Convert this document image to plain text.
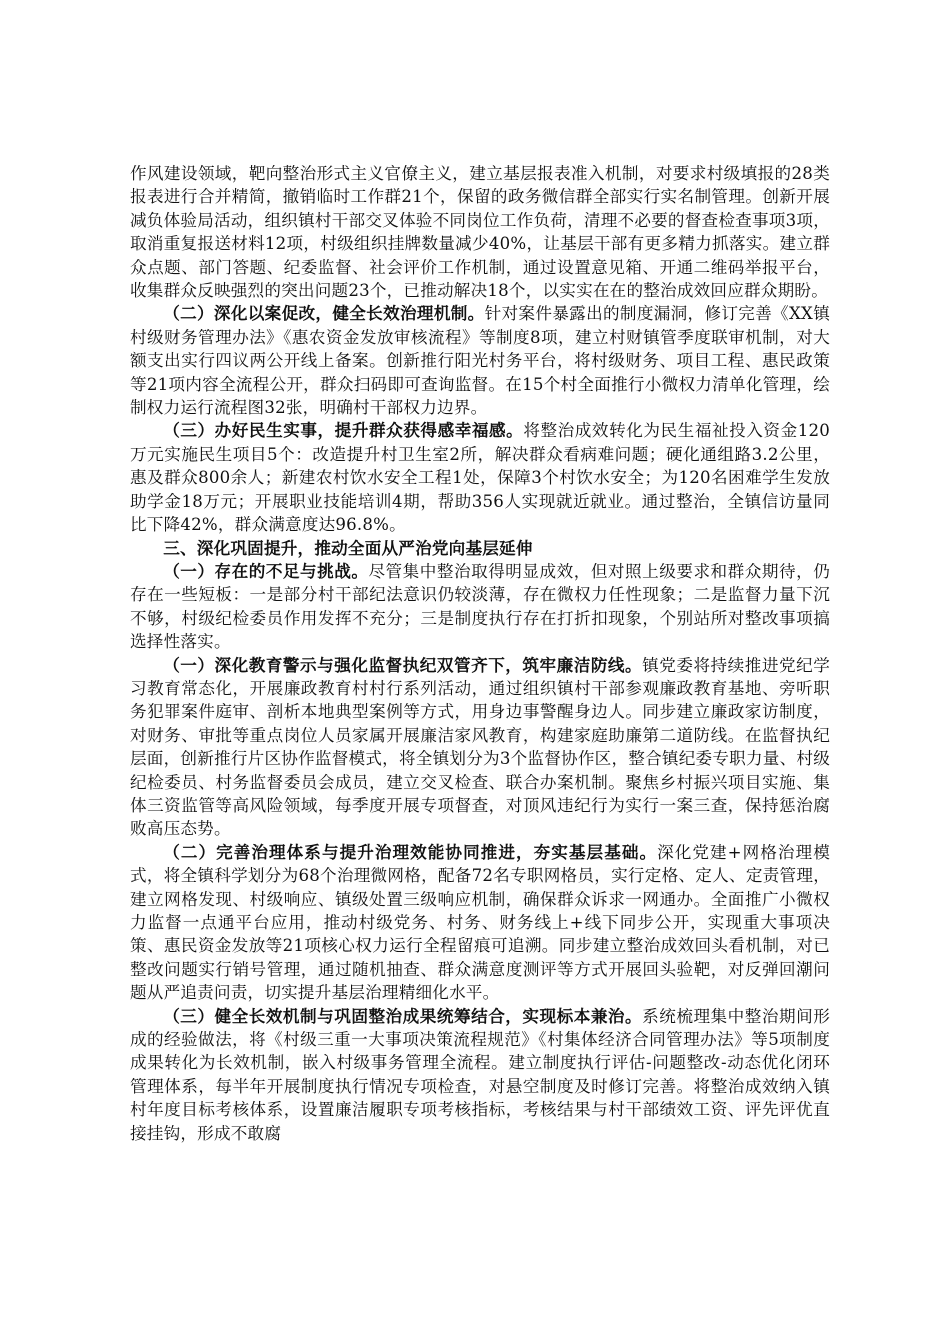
作风建设领域，靶向整治形式主义官僚主义，建立基层报表准入机制，对要求村级填报的28类报表进行合并精简，撤销临时工作群21个，保留的政务微信群全部实行实名制管理。创新开展减负体验局活动，组织镇村干部交叉体验不同岗位工作负荷，清理不必要的督查检查事项3项，取消重复报送材料12项，村级组织挂牌数量减少40%，让基层干部有更多精力抓落实。建立群众点题、部门答题、纪委监督、社会评价工作机制，通过设置意见箱、开通二维码举报平台，收集群众反映强烈的突出问题23个，已推动解决18个，以实实在在的整治成效回应群众期盼。

（二）深化以案促改，健全长效治理机制。针对案件暴露出的制度漏洞，修订完善《XX镇村级财务管理办法》《惠农资金发放审核流程》等制度8项，建立村财镇管季度联审机制，对大额支出实行四议两公开线上备案。创新推行阳光村务平台，将村级财务、项目工程、惠民政策等21项内容全流程公开，群众扫码即可查询监督。在15个村全面推行小微权力清单化管理，绘制权力运行流程图32张，明确村干部权力边界。

（三）办好民生实事，提升群众获得感幸福感。将整治成效转化为民生福祉投入资金120万元实施民生项目5个：改造提升村卫生室2所，解决群众看病难问题；硬化通组路3.2公里，惠及群众800余人；新建农村饮水安全工程1处，保障3个村饮水安全；为120名困难学生发放助学金18万元；开展职业技能培训4期，帮助356人实现就近就业。通过整治，全镇信访量同比下降42%，群众满意度达96.8%。

三、深化巩固提升，推动全面从严治党向基层延伸

（一）存在的不足与挑战。尽管集中整治取得明显成效，但对照上级要求和群众期待，仍存在一些短板：一是部分村干部纪法意识仍较淡薄，存在微权力任性现象；二是监督力量下沉不够，村级纪检委员作用发挥不充分；三是制度执行存在打折扣现象，个别站所对整改事项搞选择性落实。

（一）深化教育警示与强化监督执纪双管齐下，筑牢廉洁防线。镇党委将持续推进党纪学习教育常态化，开展廉政教育村村行系列活动，通过组织镇村干部参观廉政教育基地、旁听职务犯罪案件庭审、剖析本地典型案例等方式，用身边事警醒身边人。同步建立廉政家访制度，对财务、审批等重点岗位人员家属开展廉洁家风教育，构建家庭助廉第二道防线。在监督执纪层面，创新推行片区协作监督模式，将全镇划分为3个监督协作区，整合镇纪委专职力量、村级纪检委员、村务监督委员会成员，建立交叉检查、联合办案机制。聚焦乡村振兴项目实施、集体三资监管等高风险领域，每季度开展专项督查，对顶风违纪行为实行一案三查，保持惩治腐败高压态势。

（二）完善治理体系与提升治理效能协同推进，夯实基层基础。深化党建+网格治理模式，将全镇科学划分为68个治理微网格，配备72名专职网格员，实行定格、定人、定责管理，建立网格发现、村级响应、镇级处置三级响应机制，确保群众诉求一网通办。全面推广小微权力监督一点通平台应用，推动村级党务、村务、财务线上+线下同步公开，实现重大事项决策、惠民资金发放等21项核心权力运行全程留痕可追溯。同步建立整治成效回头看机制，对已整改问题实行销号管理，通过随机抽查、群众满意度测评等方式开展回头验靶，对反弹回潮问题从严追责问责，切实提升基层治理精细化水平。

（三）健全长效机制与巩固整治成果统筹结合，实现标本兼治。系统梳理集中整治期间形成的经验做法，将《村级三重一大事项决策流程规范》《村集体经济合同管理办法》等5项制度成果转化为长效机制，嵌入村级事务管理全流程。建立制度执行评估-问题整改-动态优化闭环管理体系，每半年开展制度执行情况专项检查，对悬空制度及时修订完善。将整治成效纳入镇村年度目标考核体系，设置廉洁履职专项考核指标，考核结果与村干部绩效工资、评先评优直接挂钩，形成不敢腐
